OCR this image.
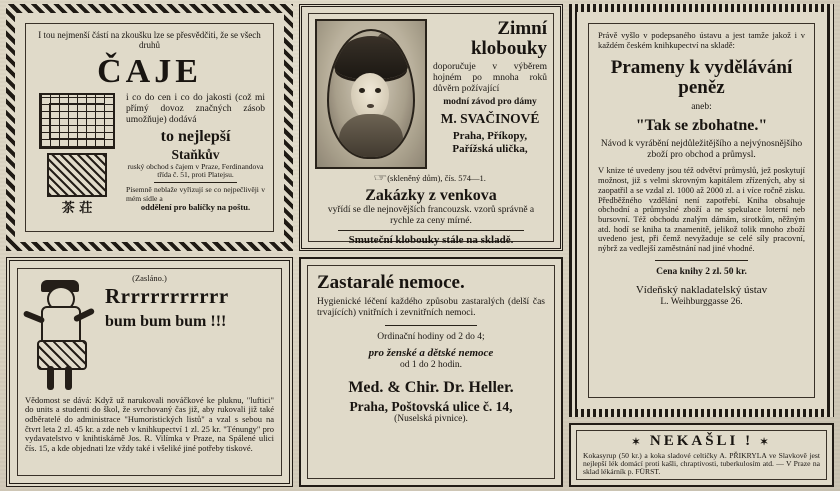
I tou nejmenší částí na zkoušku lze se přesvědčiti, že se všech druhů
ČAJE
茶 荘
i co do cen i co do jakosti (což mi přímý dovoz značných zásob umožňuje) dodává
to nejlepší
Staňkův
ruský obchod s čajem v Praze, Ferdinandova třída č. 51, proti Platejsu.
Písemně neblaže vyřizují se co nejpečlivěji v mém sídle a
oddělení pro balíčky na poštu.
Zimní klobouky
doporučuje v výběrem hojném po mnoha roků důvěrn požívající
modní závod pro dámy
M. SVAČINOVÉ
Praha, Příkopy,
Pařížská ulička,
☞ (skleněný dům), čís. 574—1.
Zakázky z venkova
vyřídí se dle nejnovějších francouzsk. vzorů správně a rychle za ceny mírné.
Smuteční klobouky stále na skladě.
Právě vyšlo v podepsaného ústavu a jest tamže jakož i v každém českém knihkupectví na skladě:
Prameny k vydělávání peněz
aneb:
"Tak se zbohatne."
Návod k vyrábění nejdůležitějšího a nejvýnosnějšího zboží pro obchod a průmysl.
V knize té uvedeny jsou též odvětví průmyslů, jež poskytují možnost, již s velmi skrovným kapitálem zřízených, aby si zaopatřil a se vzdal zl. 1000 až 2000 zl. a i více ročně zisku. Předběžného vzdělání není zapotřebí. Kniha obsahuje obchodní a průmyslné zboží a ne spekulace loterní neb bursovní. Též obchodu znalým dámám, sirotkům, něžným atd. hodí se kniha ta znamenitě, jelikož tolik mnoho zboží uvedeno jest, při čemž nevyžaduje se celé síly pracovní, nýbrž za vedlejší zaměstnání nad jiné vhodné.
Cena knihy 2 zl. 50 kr.
Vídeňský nakladatelský ústav
L. Weihburggasse 26.
(Zasláno.)
Rrrrrrrrrrrr
bum bum bum !!!
Vědomost se dává: Když už narukovali nováčkové ke pluknu, "luftici" do units a studenti do škol, že svrchovaný čas již, aby rukovali již také odběratelé do administrace "Humoristických listů" a vzal s sebou na čtvrt leta 2 zl. 45 kr. a zde neb v knihkupectví 1 zl. 25 kr. "Ténungy" pro vydavatelstvo v knihtiskárně Jos. R. Vilímka v Praze, na Spálené ulici čís. 15, a kde objednati lze vždy také i všeliké jiné potřeby tiskové.
Zastaralé nemoce.
Hygienické léčení každého způsobu zastaralých (delší čas trvajících) vnitřních i zevnitřních nemoci.
Ordinační hodiny od 2 do 4;
pro ženské a dětské nemoce
od 1 do 2 hodin.
Med. & Chir. Dr. Heller.
Praha, Poštovská ulice č. 14,
(Nuselská pivnice).
✶ NEKAŠLI ! ✶
Kokasyrup (50 kr.) a koka sladové celtičky A. PŘIKRYLA ve Slavkově jest nejlepší lék domácí proti kašli, chraptivosti, tuberkulosím atd. — V Praze na sklad lékárník p. FÜRST.
